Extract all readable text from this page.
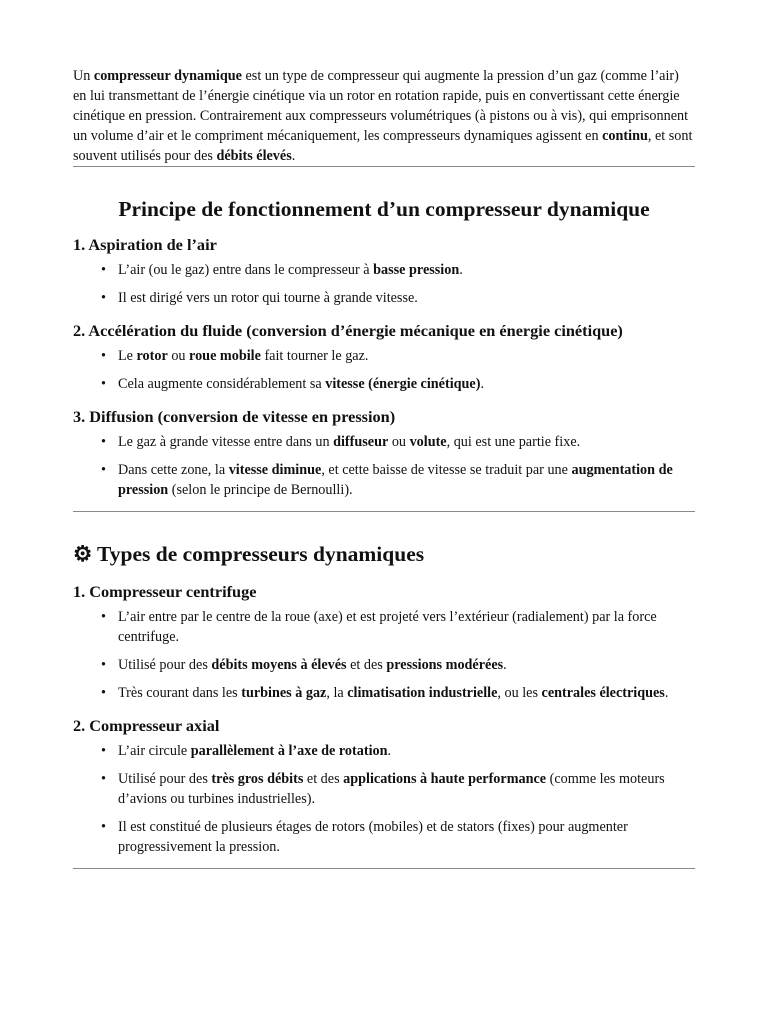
Un compresseur dynamique est un type de compresseur qui augmente la pression d’un gaz (comme l’air) en lui transmettant de l’énergie cinétique via un rotor en rotation rapide, puis en convertissant cette énergie cinétique en pression. Contrairement aux compresseurs volumétriques (à pistons ou à vis), qui emprisonnent un volume d’air et le compriment mécaniquement, les compresseurs dynamiques agissent en continu, et sont souvent utilisés pour des débits élevés.

Principe de fonctionnement d’un compresseur dynamique
1. Aspiration de l’air
• L’air (ou le gaz) entre dans le compresseur à basse pression.
• Il est dirigé vers un rotor qui tourne à grande vitesse.
2. Accélération du fluide (conversion d’énergie mécanique en énergie cinétique)
• Le rotor ou roue mobile fait tourner le gaz.
• Cela augmente considérablement sa vitesse (énergie cinétique).
3. Diffusion (conversion de vitesse en pression)
• Le gaz à grande vitesse entre dans un diffuseur ou volute, qui est une partie fixe.
• Dans cette zone, la vitesse diminue, et cette baisse de vitesse se traduit par une augmentation de pression (selon le principe de Bernoulli).
⚙ Types de compresseurs dynamiques
1. Compresseur centrifuge
• L’air entre par le centre de la roue (axe) et est projeté vers l’extérieur (radialement) par la force centrifuge.
• Utilisé pour des débits moyens à élevés et des pressions modérées.
• Très courant dans les turbines à gaz, la climatisation industrielle, ou les centrales électriques.
2. Compresseur axial
• L’air circule parallèlement à l’axe de rotation.
• Utilisé pour des très gros débits et des applications à haute performance (comme les moteurs d’avions ou turbines industrielles).
• Il est constitué de plusieurs étages de rotors (mobiles) et de stators (fixes) pour augmenter progressivement la pression.
